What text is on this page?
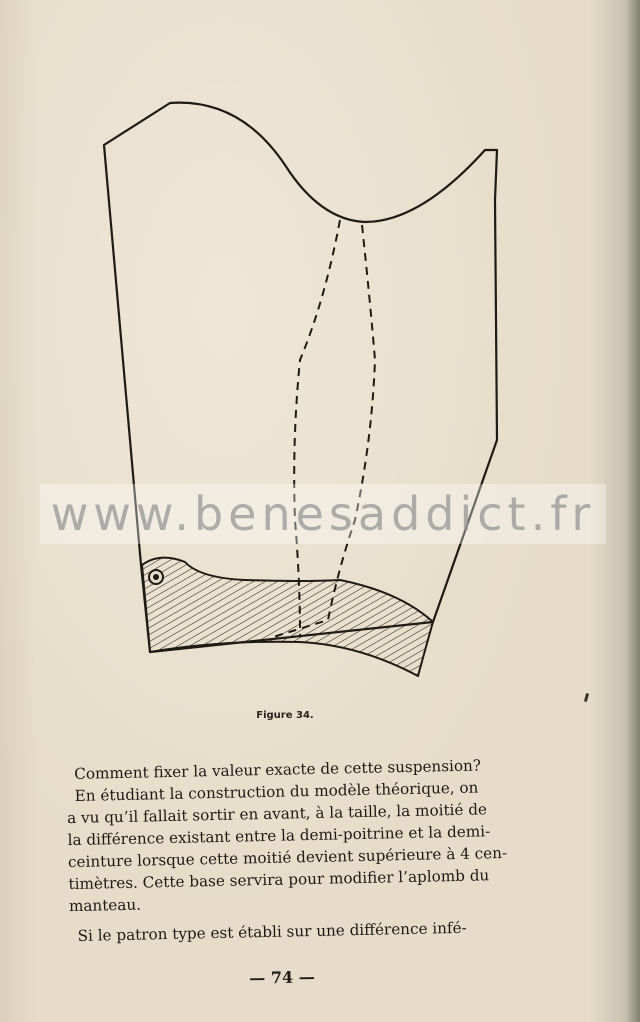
www.benesaddict.fr
Figure 34.
Comment fixer la valeur exacte de cette suspension?
En étudiant la construction du modèle théorique, on
a vu qu’il fallait sortir en avant, à la taille, la moitié de
la différence existant entre la demi-poitrine et la demi-
ceinture lorsque cette moitié devient supérieure à 4 cen-
timètres. Cette base servira pour modifier l’aplomb du
manteau.
Si le patron type est établi sur une différence infé-
— 74 —
